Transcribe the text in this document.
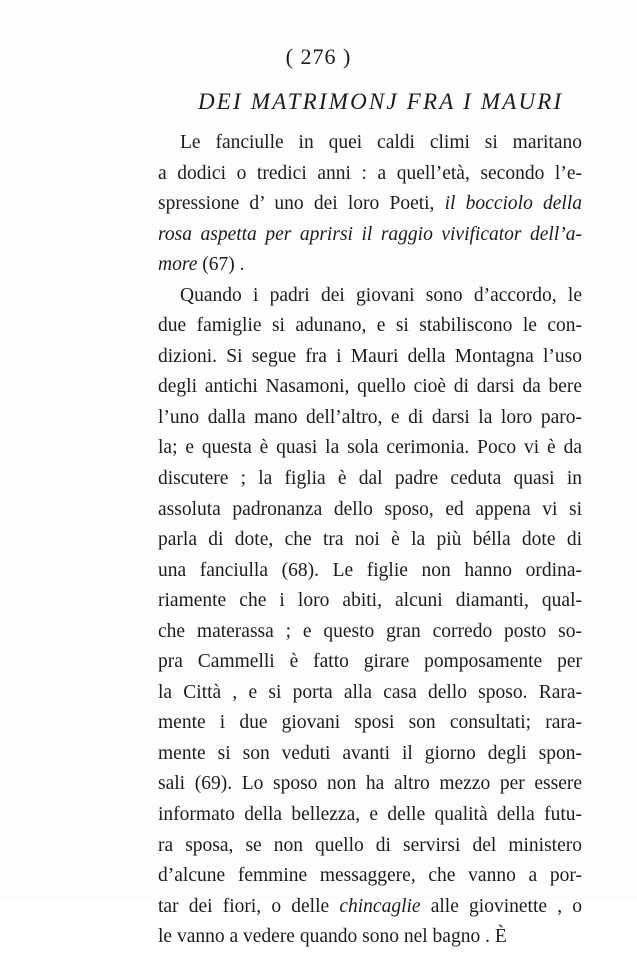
( 276 )
DEI MATRIMONJ FRA I MAURI
Le fanciulle in quei caldi climi si maritano
a dodici o tredici anni : a quell’età, secondo l’e-
spressione d’ uno dei loro Poeti, il bocciolo della
rosa aspetta per aprirsi il raggio vivificator dell’a-
more (67) .
Quando i padri dei giovani sono d’accordo, le
due famiglie si adunano, e si stabiliscono le con-
dizioni. Si segue fra i Mauri della Montagna l’uso
degli antichi Nasamoni, quello cioè di darsi da bere
l’uno dalla mano dell’altro, e di darsi la loro paro-
la; e questa è quasi la sola cerimonia. Poco vi è da
discutere ; la figlia è dal padre ceduta quasi in
assoluta padronanza dello sposo, ed appena vi si
parla di dote, che tra noi è la più bélla dote di
una fanciulla (68). Le figlie non hanno ordina-
riamente che i loro abiti, alcuni diamanti, qual-
che materassa ; e questo gran corredo posto so-
pra Cammelli è fatto girare pomposamente per
la Città , e si porta alla casa dello sposo. Rara-
mente i due giovani sposi son consultati; rara-
mente si son veduti avanti il giorno degli spon-
sali (69). Lo sposo non ha altro mezzo per essere
informato della bellezza, e delle qualità della futu-
ra sposa, se non quello di servirsi del ministero
d’alcune femmine messaggere, che vanno a por-
tar dei fiori, o delle chincaglie alle giovinette , o
le vanno a vedere quando sono nel bagno . È
